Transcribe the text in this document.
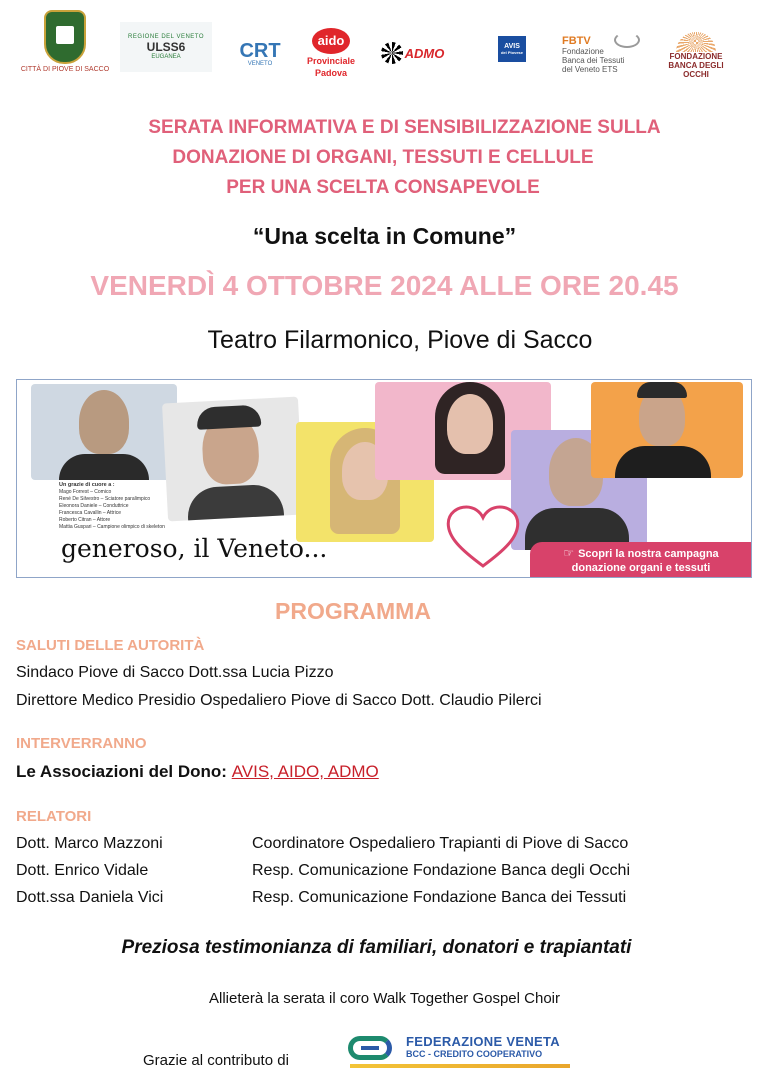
CITTÀ DI PIOVE DI SACCO
REGIONE DEL VENETO
ULSS6
EUGANEA	CRT
VENETO
aido
Provinciale
Padova
ADMO	AVIS
del Piovese
FBTV
Fondazione
Banca dei Tessuti
del Veneto ETS
FONDAZIONE
BANCA DEGLI OCCHI
SERATA INFORMATIVA E DI SENSIBILIZZAZIONE SULLA
DONAZIONE DI ORGANI, TESSUTI E CELLULE
PER UNA SCELTA CONSAPEVOLE
“Una scelta in Comune”
VENERDÌ 4 OTTOBRE 2024 ALLE ORE 20.45
Teatro Filarmonico, Piove di Sacco
Un grazie di cuore a :
Mago Forrest – Comico
René De Silvestro – Sciatore paralimpico
Eleonora Daniele – Conduttrice
Francesca Cavallin – Attrice
Roberto Citran – Attore
Mattia Guspari – Campione olimpico di skeleton
generoso, il Veneto...	☞ Scopri la nostra campagna
donazione organi e tessuti
PROGRAMMA
SALUTI DELLE AUTORITÀ
Sindaco Piove di Sacco Dott.ssa Lucia Pizzo
Direttore Medico Presidio Ospedaliero Piove di Sacco Dott. Claudio Pilerci
INTERVERRANNO
Le Associazioni del Dono: AVIS, AIDO, ADMO
RELATORI
Dott. Marco Mazzoni	Coordinatore Ospedaliero Trapianti di Piove di Sacco
Dott. Enrico Vidale	Resp. Comunicazione Fondazione Banca degli Occhi
Dott.ssa Daniela Vici	Resp. Comunicazione Fondazione Banca dei Tessuti
Preziosa testimonianza di familiari, donatori e trapiantati
Allieterà la serata il coro Walk Together Gospel Choir
Grazie al contributo di
FEDERAZIONE VENETA
BCC - CREDITO COOPERATIVO
